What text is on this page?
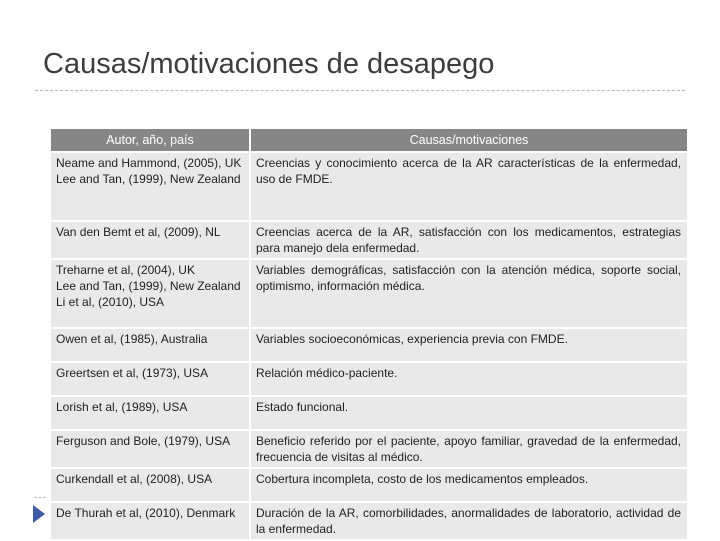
Causas/motivaciones de desapego
Autor, año, país	Causas/motivaciones

Neame and Hammond, (2005), UK
Lee and Tan, (1999), New Zealand	Creencias y conocimiento acerca de la AR características de la enfermedad, uso de FMDE.

Van den Bemt et al, (2009), NL	Creencias acerca de la AR, satisfacción con los medicamentos, estrategias para manejo dela enfermedad.

Treharne et al, (2004), UK
Lee and Tan, (1999), New Zealand
Li et al, (2010), USA	Variables demográficas, satisfacción con la atención médica, soporte social, optimismo, información médica.

Owen et al, (1985), Australia	Variables socioeconómicas, experiencia previa con FMDE.

Greertsen et al, (1973), USA	Relación médico-paciente.

Lorish et al, (1989), USA	Estado funcional.

Ferguson and Bole, (1979), USA	Beneficio referido por el paciente, apoyo familiar, gravedad de la enfermedad, frecuencia de visitas al médico.

Curkendall et al, (2008), USA	Cobertura incompleta, costo de los medicamentos empleados.

De Thurah et al, (2010), Denmark	Duración de la AR, comorbilidades, anormalidades de laboratorio, actividad de la enfermedad.
